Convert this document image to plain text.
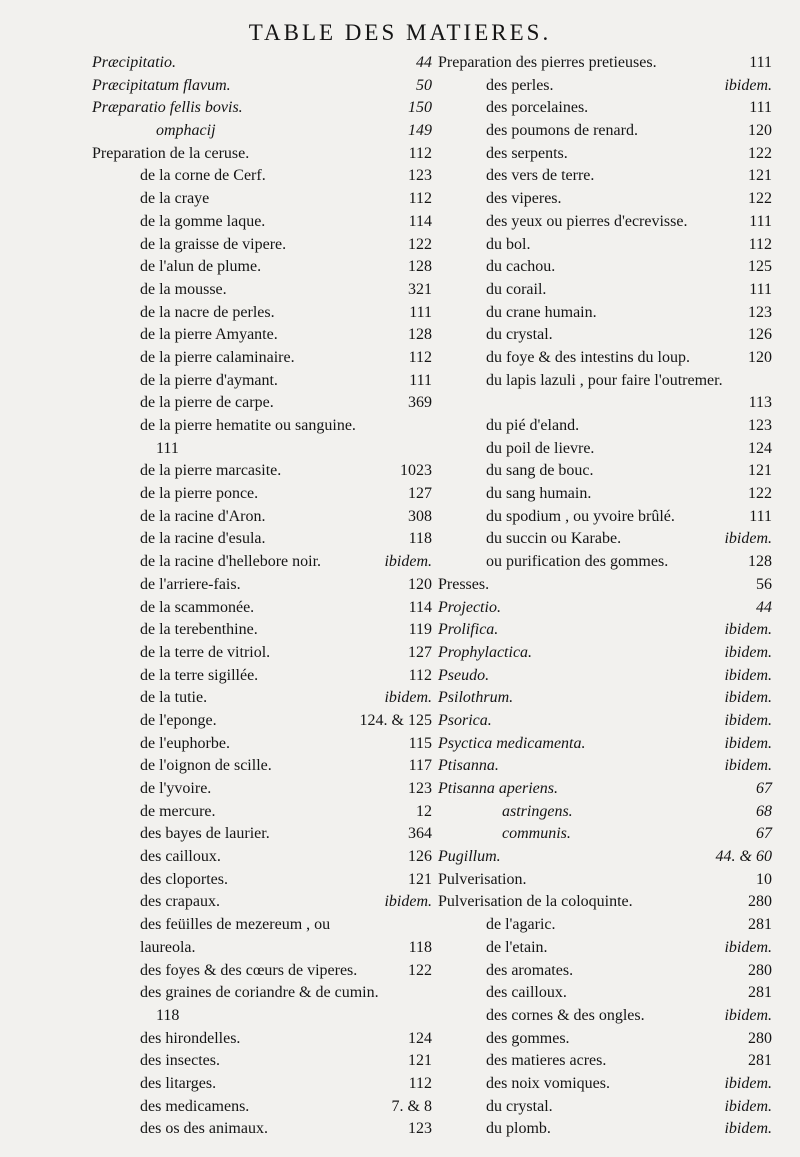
TABLE DES MATIERES.
Præcipitatio.	44
Præcipitatum flavum.	50
Præparatio fellis bovis.	150
omphacij	149
Preparation de la ceruse.	112
de la corne de Cerf.	123
de la craye	112
de la gomme laque.	114
de la graisse de vipere.	122
de l'alun de plume.	128
de la mousse.	321
de la nacre de perles.	111
de la pierre Amyante.	128
de la pierre calaminaire.	112
de la pierre d'aymant.	111
de la pierre de carpe.	369
de la pierre hematite ou sanguine.
111
de la pierre marcasite.	1023
de la pierre ponce.	127
de la racine d'Aron.	308
de la racine d'esula.	118
de la racine d'hellebore noir.	ibidem.
de l'arriere-fais.	120
de la scammonée.	114
de la terebenthine.	119
de la terre de vitriol.	127
de la terre sigillée.	112
de la tutie.	ibidem.
de l'eponge.	124. & 125
de l'euphorbe.	115
de l'oignon de scille.	117
de l'yvoire.	123
de mercure.	12
des bayes de laurier.	364
des cailloux.	126
des cloportes.	121
des crapaux.	ibidem.
des feüilles de mezereum , ou laureola.	118
des foyes & des cœurs de viperes.	122
des graines de coriandre & de cumin.
118
des hirondelles.	124
des insectes.	121
des litarges.	112
des medicamens.	7. & 8
des os des animaux.	123
Preparation des pierres pretieuses.	111
des perles.	ibidem.
des porcelaines.	111
des poumons de renard.	120
des serpents.	122
des vers de terre.	121
des viperes.	122
des yeux ou pierres d'ecrevisse.	111
du bol.	112
du cachou.	125
du corail.	111
du crane humain.	123
du crystal.	126
du foye & des intestins du loup.	120
du lapis lazuli , pour faire l'outremer.
113
du pié d'eland.	123
du poil de lievre.	124
du sang de bouc.	121
du sang humain.	122
du spodium , ou yvoire brûlé.	111
du succin ou Karabe.	ibidem.
ou purification des gommes.	128
Presses.	56
Projectio.	44
Prolifica.	ibidem.
Prophylactica.	ibidem.
Pseudo.	ibidem.
Psilothrum.	ibidem.
Psorica.	ibidem.
Psyctica medicamenta.	ibidem.
Ptisanna.	ibidem.
Ptisanna aperiens.	67
astringens.	68
communis.	67
Pugillum.	44. & 60
Pulverisation.	10
Pulverisation de la coloquinte.	280
de l'agaric.	281
de l'etain.	ibidem.
des aromates.	280
des cailloux.	281
des cornes & des ongles.	ibidem.
des gommes.	280
des matieres acres.	281
des noix vomiques.	ibidem.
du crystal.	ibidem.
du plomb.	ibidem.
